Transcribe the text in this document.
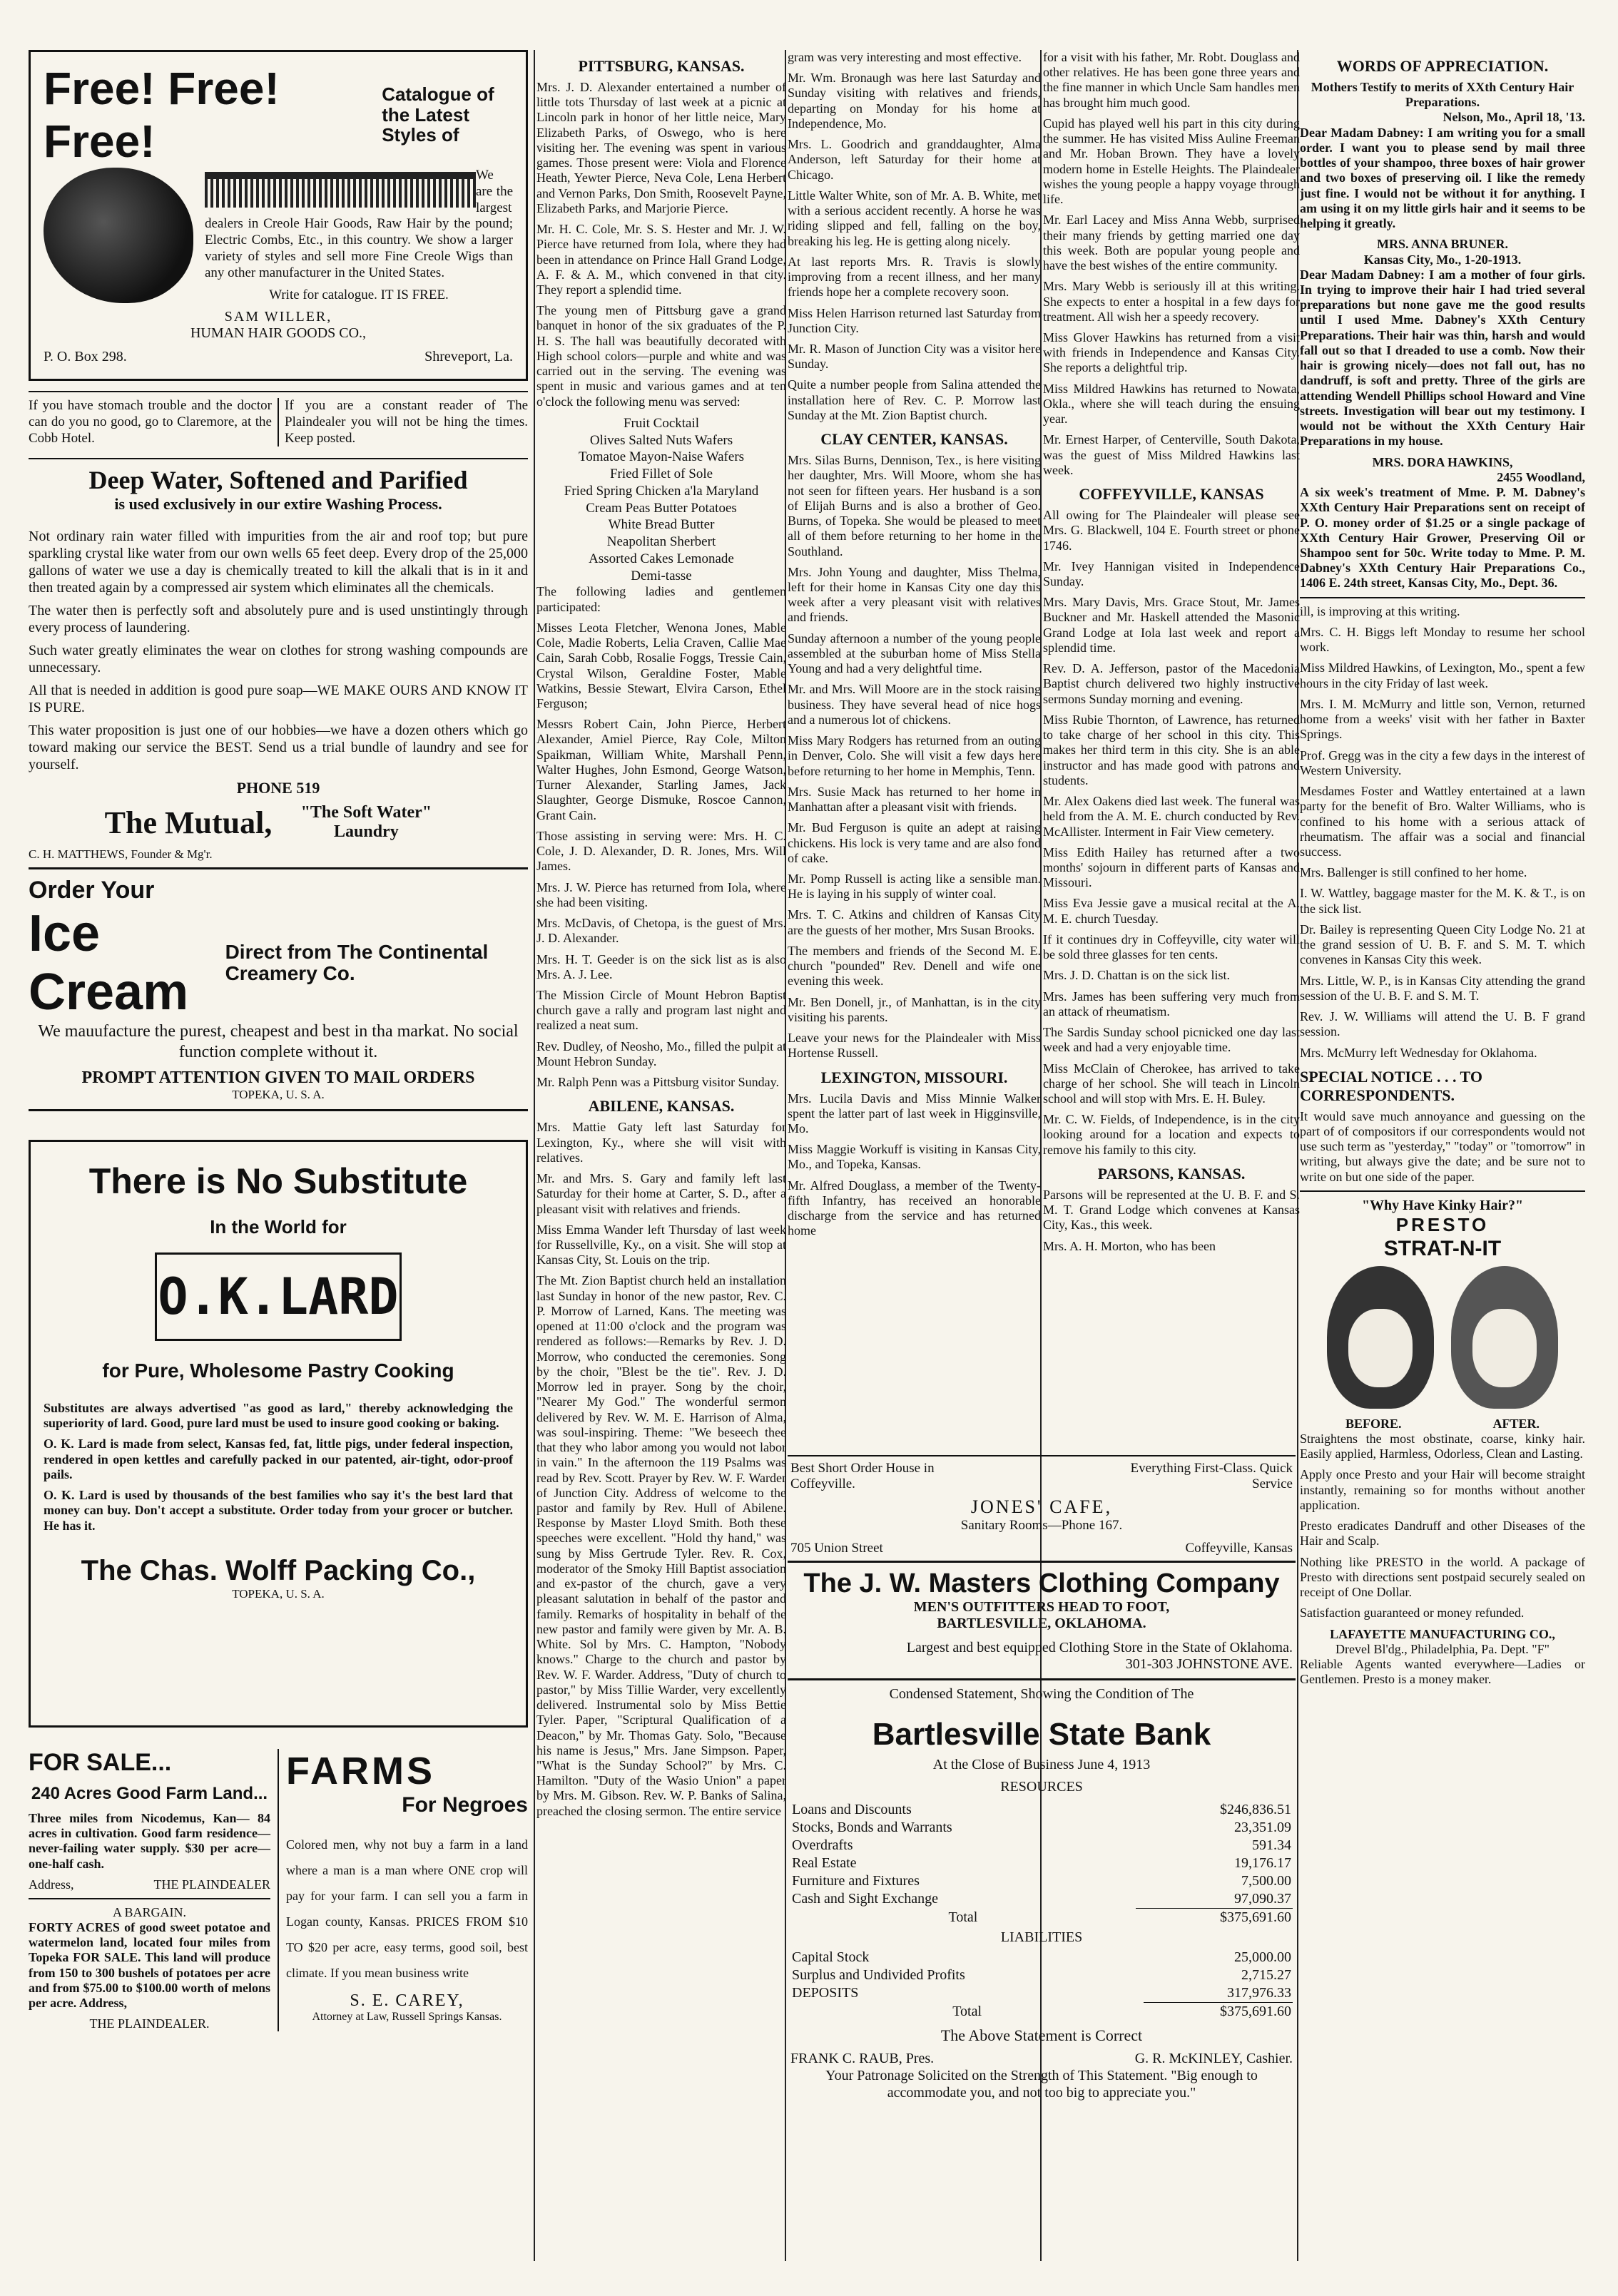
Free! Free! Free!
Catalogue of the Latest Styles of

We are the largest dealers in Creole Hair Goods, Raw Hair by the pound; Electric Combs, Etc., in this country. We show a larger variety of styles and sell more Fine Creole Wigs than any other manufacturer in the United States.

Write for catalogue. IT IS FREE.

SAM WILLER,
HUMAN HAIR GOODS CO.,
P. O. Box 298.	Shreveport, La.

If you have stomach trouble and the doctor can do you no good, go to Claremore, at the Cobb Hotel.

If you are a constant reader of The Plaindealer you will not be hing the times. Keep posted.

Deep Water, Softened and Parified
is used exclusively in our extire Washing Process.

Not ordinary rain water filled with impurities from the air and roof top; but pure sparkling crystal like water from our own wells 65 feet deep. Every drop of the 25,000 gallons of water we use a day is chemically treated to kill the alkali that is in it and then treated again by a compressed air system which eliminates all the chemicals.

The water then is perfectly soft and absolutely pure and is used unstintingly through every process of laundering.

Such water greatly eliminates the wear on clothes for strong washing compounds are unnecessary.

All that is needed in addition is good pure soap—WE MAKE OURS AND KNOW IT IS PURE.

This water proposition is just one of our hobbies—we have a dozen others which go toward making our service the BEST. Send us a trial bundle of laundry and see for yourself.

PHONE 519
The Mutual,	"The Soft Water" Laundry
C. H. MATTHEWS, Founder & Mg'r.
Order Your
Ice Cream
Direct from The Continental Creamery Co.

We mauufacture the purest, cheapest and best in tha markat. No social function complete without it.

PROMPT ATTENTION GIVEN TO MAIL ORDERS
TOPEKA, U. S. A.
There is No Substitute
In the World for
O.K.LARD
for Pure, Wholesome Pastry Cooking

Substitutes are always advertised "as good as lard," thereby acknowledging the superiority of lard. Good, pure lard must be used to insure good cooking or baking.

O. K. Lard is made from select, Kansas fed, fat, little pigs, under federal inspection, rendered in open kettles and carefully packed in our patented, air-tight, odor-proof pails.

O. K. Lard is used by thousands of the best families who say it's the best lard that money can buy. Don't accept a substitute. Order today from your grocer or butcher. He has it.

The Chas. Wolff Packing Co.,
TOPEKA, U. S. A.
FOR SALE...
240 Acres Good Farm Land...

Three miles from Nicodemus, Kan— 84 acres in cultivation. Good farm residence—never-failing water supply. $30 per acre—one-half cash.

Address,	THE PLAINDEALER
A BARGAIN.

FORTY ACRES of good sweet potatoe and watermelon land, located four miles from Topeka FOR SALE. This land will produce from 150 to 300 bushels of potatoes per acre and from $75.00 to $100.00 worth of melons per acre. Address,

THE PLAINDEALER.
FARMS
For Negroes

Colored men, why not buy a farm in a land where a man is a man where ONE crop will pay for your farm. I can sell you a farm in Logan county, Kansas. PRICES FROM $10 TO $20 per acre, easy terms, good soil, best climate. If you mean business write

S. E. CAREY,
Attorney at Law, Russell Springs Kansas.
PITTSBURG, KANSAS.

Mrs. J. D. Alexander entertained a number of little tots Thursday of last week at a picnic at Lincoln park in honor of her little neice, Mary Elizabeth Parks, of Oswego, who is here visiting her. The evening was spent in various games. Those present were: Viola and Florence Heath, Yewter Pierce, Neva Cole, Lena Herbert and Vernon Parks, Don Smith, Roosevelt Payne, Elizabeth Parks, and Marjorie Pierce.

Mr. H. C. Cole, Mr. S. S. Hester and Mr. J. W. Pierce have returned from Iola, where they had been in attendance on Prince Hall Grand Lodge, A. F. & A. M., which convened in that city. They report a splendid time.

The young men of Pittsburg gave a grand banquet in honor of the six graduates of the P. H. S. The hall was beautifully decorated with High school colors—purple and white and was carried out in the serving. The evening was spent in music and various games and at ten o'clock the following menu was served:

Fruit Cocktail
Olives Salted Nuts Wafers
Tomatoe Mayon-Naise Wafers
Fried Fillet of Sole
Fried Spring Chicken a'la Maryland
Cream Peas Butter Potatoes
White Bread Butter
Neapolitan Sherbert
Assorted Cakes Lemonade
Demi-tasse

The following ladies and gentlemen participated:

Misses Leota Fletcher, Wenona Jones, Mable Cole, Madie Roberts, Lelia Craven, Callie Mae Cain, Sarah Cobb, Rosalie Foggs, Tressie Cain, Crystal Wilson, Geraldine Foster, Mable Watkins, Bessie Stewart, Elvira Carson, Ethel Ferguson;

Messrs Robert Cain, John Pierce, Herbert Alexander, Amiel Pierce, Ray Cole, Milton Spaikman, William White, Marshall Penn, Walter Hughes, John Esmond, George Watson, Turner Alexander, Starling James, Jack Slaughter, George Dismuke, Roscoe Cannon, Grant Cain.

Those assisting in serving were: Mrs. H. C. Cole, J. D. Alexander, D. R. Jones, Mrs. Will James.

Mrs. J. W. Pierce has returned from Iola, where she had been visiting.

Mrs. McDavis, of Chetopa, is the guest of Mrs. J. D. Alexander.

Mrs. H. T. Geeder is on the sick list as is also Mrs. A. J. Lee.

The Mission Circle of Mount Hebron Baptist church gave a rally and program last night and realized a neat sum.

Rev. Dudley, of Neosho, Mo., filled the pulpit at Mount Hebron Sunday.

Mr. Ralph Penn was a Pittsburg visitor Sunday.

ABILENE, KANSAS.

Mrs. Mattie Gaty left last Saturday for Lexington, Ky., where she will visit with relatives.

Mr. and Mrs. S. Gary and family left last Saturday for their home at Carter, S. D., after a pleasant visit with relatives and friends.

Miss Emma Wander left Thursday of last week for Russellville, Ky., on a visit. She will stop at Kansas City, St. Louis on the trip.

The Mt. Zion Baptist church held an installation last Sunday in honor of the new pastor, Rev. C. P. Morrow of Larned, Kans. The meeting was opened at 11:00 o'clock and the program was rendered as follows:—Remarks by Rev. J. D. Morrow, who conducted the ceremonies. Song by the choir, "Blest be the tie". Rev. J. D. Morrow led in prayer. Song by the choir, "Nearer My God." The wonderful sermon delivered by Rev. W. M. E. Harrison of Alma, was soul-inspiring. Theme: "We beseech thee that they who labor among you would not labor in vain." In the afternoon the 119 Psalms was read by Rev. Scott. Prayer by Rev. W. F. Warder of Junction City. Address of welcome to the pastor and family by Rev. Hull of Abilene. Response by Master Lloyd Smith. Both these speeches were excellent. "Hold thy hand," was sung by Miss Gertrude Tyler. Rev. R. Cox, moderator of the Smoky Hill Baptist association and ex-pastor of the church, gave a very pleasant salutation in behalf of the pastor and family. Remarks of hospitality in behalf of the new pastor and family were given by Mr. A. B. White. Sol by Mrs. C. Hampton, "Nobody knows." Charge to the church and pastor by Rev. W. F. Warder. Address, "Duty of church to pastor," by Miss Tillie Warder, very excellently delivered. Instrumental solo by Miss Bettie Tyler. Paper, "Scriptural Qualification of a Deacon," by Mr. Thomas Gaty. Solo, "Because his name is Jesus," Mrs. Jane Simpson. Paper, "What is the Sunday School?" by Mrs. C. Hamilton. "Duty of the Wasio Union" a paper by Mrs. M. Gibson. Rev. W. P. Banks of Salina, preached the closing sermon. The entire service

gram was very interesting and most effective.

Mr. Wm. Bronaugh was here last Saturday and Sunday visiting with relatives and friends, departing on Monday for his home at Independence, Mo.

Mrs. L. Goodrich and granddaughter, Alma Anderson, left Saturday for their home at Chicago.

Little Walter White, son of Mr. A. B. White, met with a serious accident recently. A horse he was riding slipped and fell, falling on the boy, breaking his leg. He is getting along nicely.

At last reports Mrs. R. Travis is slowly improving from a recent illness, and her many friends hope her a complete recovery soon.

Miss Helen Harrison returned last Saturday from Junction City.

Mr. R. Mason of Junction City was a visitor here Sunday.

Quite a number people from Salina attended the installation here of Rev. C. P. Morrow last Sunday at the Mt. Zion Baptist church.

CLAY CENTER, KANSAS.

Mrs. Silas Burns, Dennison, Tex., is here visiting her daughter, Mrs. Will Moore, whom she has not seen for fifteen years. Her husband is a son of Elijah Burns and is also a brother of Geo. Burns, of Topeka. She would be pleased to meet all of them before returning to her home in the Southland.

Mrs. John Young and daughter, Miss Thelma, left for their home in Kansas City one day this week after a very pleasant visit with relatives and friends.

Sunday afternoon a number of the young people assembled at the suburban home of Miss Stella Young and had a very delightful time.

Mr. and Mrs. Will Moore are in the stock raising business. They have several head of nice hogs and a numerous lot of chickens.

Miss Mary Rodgers has returned from an outing in Denver, Colo. She will visit a few days here before returning to her home in Memphis, Tenn.

Mrs. Susie Mack has returned to her home in Manhattan after a pleasant visit with friends.

Mr. Bud Ferguson is quite an adept at raising chickens. His lock is very tame and are also fond of cake.

Mr. Pomp Russell is acting like a sensible man. He is laying in his supply of winter coal.

Mrs. T. C. Atkins and children of Kansas City are the guests of her mother, Mrs Susan Brooks.

The members and friends of the Second M. E. church "pounded" Rev. Denell and wife one evening this week.

Mr. Ben Donell, jr., of Manhattan, is in the city visiting his parents.

Leave your news for the Plaindealer with Miss Hortense Russell.

LEXINGTON, MISSOURI.

Mrs. Lucila Davis and Miss Minnie Walker spent the latter part of last week in Higginsville, Mo.

Miss Maggie Workuff is visiting in Kansas City, Mo., and Topeka, Kansas.

Mr. Alfred Douglass, a member of the Twenty-fifth Infantry, has received an honorable discharge from the service and has returned home

for a visit with his father, Mr. Robt. Douglass and other relatives. He has been gone three years and the fine manner in which Uncle Sam handles men has brought him much good.

Cupid has played well his part in this city during the summer. He has visited Miss Auline Freeman and Mr. Hoban Brown. They have a lovely modern home in Estelle Heights. The Plaindealer wishes the young people a happy voyage through life.

Mr. Earl Lacey and Miss Anna Webb, surprised their many friends by getting married one day this week. Both are popular young people and have the best wishes of the entire community.

Mrs. Mary Webb is seriously ill at this writing. She expects to enter a hospital in a few days for treatment. All wish her a speedy recovery.

Miss Glover Hawkins has returned from a visit with friends in Independence and Kansas City. She reports a delightful trip.

Miss Mildred Hawkins has returned to Nowata, Okla., where she will teach during the ensuing year.

Mr. Ernest Harper, of Centerville, South Dakota, was the guest of Miss Mildred Hawkins last week.

COFFEYVILLE, KANSAS

All owing for The Plaindealer will please see Mrs. G. Blackwell, 104 E. Fourth street or phone 1746.

Mr. Ivey Hannigan visited in Independence Sunday.

Mrs. Mary Davis, Mrs. Grace Stout, Mr. James Buckner and Mr. Haskell attended the Masonic Grand Lodge at Iola last week and report a splendid time.

Rev. D. A. Jefferson, pastor of the Macedonia Baptist church delivered two highly instructive sermons Sunday morning and evening.

Miss Rubie Thornton, of Lawrence, has returned to take charge of her school in this city. This makes her third term in this city. She is an able instructor and has made good with patrons and students.

Mr. Alex Oakens died last week. The funeral was held from the A. M. E. church conducted by Rev. McAllister. Interment in Fair View cemetery.

Miss Edith Hailey has returned after a two months' sojourn in different parts of Kansas and Missouri.

Miss Eva Jessie gave a musical recital at the A. M. E. church Tuesday.

If it continues dry in Coffeyville, city water will be sold three glasses for ten cents.

Mrs. J. D. Chattan is on the sick list.

Mrs. James has been suffering very much from an attack of rheumatism.

The Sardis Sunday school picnicked one day last week and had a very enjoyable time.

Miss McClain of Cherokee, has arrived to take charge of her school. She will teach in Lincoln school and will stop with Mrs. E. H. Buley.

Mr. C. W. Fields, of Independence, is in the city looking around for a location and expects to remove his family to this city.

PARSONS, KANSAS.

Parsons will be represented at the U. B. F. and S. M. T. Grand Lodge which convenes at Kansas City, Kas., this week.

Mrs. A. H. Morton, who has been

Best Short Order House in Coffeyville.
Everything First-Class. Quick Service
JONES' CAFE,
Sanitary Rooms—Phone 167.
705 Union Street	Coffeyville, Kansas
The J. W. Masters Clothing Company
MEN'S OUTFITTERS HEAD TO FOOT,
BARTLESVILLE, OKLAHOMA.

Largest and best equipped Clothing Store in the State of Oklahoma.

301-303 JOHNSTONE AVE.
Condensed Statement, Showing the Condition of The
Bartlesville State Bank
At the Close of Business June 4, 1913
RESOURCES
Loans and Discounts	$246,836.51
Stocks, Bonds and Warrants	23,351.09
Overdrafts	591.34
Real Estate	19,176.17
Furniture and Fixtures	7,500.00
Cash and Sight Exchange	97,090.37
Total	$375,691.60
LIABILITIES
Capital Stock	25,000.00
Surplus and Undivided Profits	2,715.27
DEPOSITS	317,976.33
Total	$375,691.60
The Above Statement is Correct
FRANK C. RAUB, Pres.	G. R. McKINLEY, Cashier.

Your Patronage Solicited on the Strength of This Statement. "Big enough to accommodate you, and not too big to appreciate you."

WORDS OF APPRECIATION.
Mothers Testify to merits of XXth Century Hair Preparations.
Nelson, Mo., April 18, '13.

Dear Madam Dabney: I am writing you for a small order. I want you to please send by mail three bottles of your shampoo, three boxes of hair grower and two boxes of preserving oil. I like the remedy just fine. I would not be without it for anything. I am using it on my little girls hair and it seems to be helping it greatly.

MRS. ANNA BRUNER.
Kansas City, Mo., 1-20-1913.

Dear Madam Dabney: I am a mother of four girls. In trying to improve their hair I had tried several preparations but none gave me the good results until I used Mme. Dabney's XXth Century Preparations. Their hair was thin, harsh and would fall out so that I dreaded to use a comb. Now their hair is growing nicely—does not fall out, has no dandruff, is soft and pretty. Three of the girls are attending Wendell Phillips school Howard and Vine streets. Investigation will bear out my testimony. I would not be without the XXth Century Hair Preparations in my house.

MRS. DORA HAWKINS,
2455 Woodland,

A six week's treatment of Mme. P. M. Dabney's XXth Century Hair Preparations sent on receipt of P. O. money order of $1.25 or a single package of XXth Century Hair Grower, Preserving Oil or Shampoo sent for 50c. Write today to Mme. P. M. Dabney's XXth Century Hair Preparations Co., 1406 E. 24th street, Kansas City, Mo., Dept. 36.

ill, is improving at this writing.

Mrs. C. H. Biggs left Monday to resume her school work.

Miss Mildred Hawkins, of Lexington, Mo., spent a few hours in the city Friday of last week.

Mrs. I. M. McMurry and little son, Vernon, returned home from a weeks' visit with her father in Baxter Springs.

Prof. Gregg was in the city a few days in the interest of Western University.

Mesdames Foster and Wattley entertained at a lawn party for the benefit of Bro. Walter Williams, who is confined to his home with a serious attack of rheumatism. The affair was a social and financial success.

Mrs. Ballenger is still confined to her home.

I. W. Wattley, baggage master for the M. K. & T., is on the sick list.

Dr. Bailey is representing Queen City Lodge No. 21 at the grand session of U. B. F. and S. M. T. which convenes in Kansas City this week.

Mrs. Little, W. P., is in Kansas City attending the grand session of the U. B. F. and S. M. T.

Rev. J. W. Williams will attend the U. B. F grand session.

Mrs. McMurry left Wednesday for Oklahoma.

SPECIAL NOTICE . . . TO CORRESPONDENTS.

It would save much annoyance and guessing on the part of of compositors if our correspondents would not use such term as "yesterday," "today" or "tomorrow" in writing, but always give the date; and be sure not to write on but one side of the paper.

"Why Have Kinky Hair?"
PRESTO
STRAT-N-IT

BEFORE.	AFTER.

Straightens the most obstinate, coarse, kinky hair. Easily applied, Harmless, Odorless, Clean and Lasting.

Apply once Presto and your Hair will become straight instantly, remaining so for months without another application.

Presto eradicates Dandruff and other Diseases of the Hair and Scalp.

Nothing like PRESTO in the world. A package of Presto with directions sent postpaid securely sealed on receipt of One Dollar.

Satisfaction guaranteed or money refunded.

LAFAYETTE MANUFACTURING CO.,
Drevel Bl'dg., Philadelphia, Pa. Dept. "F"

Reliable Agents wanted everywhere—Ladies or Gentlemen. Presto is a money maker.
